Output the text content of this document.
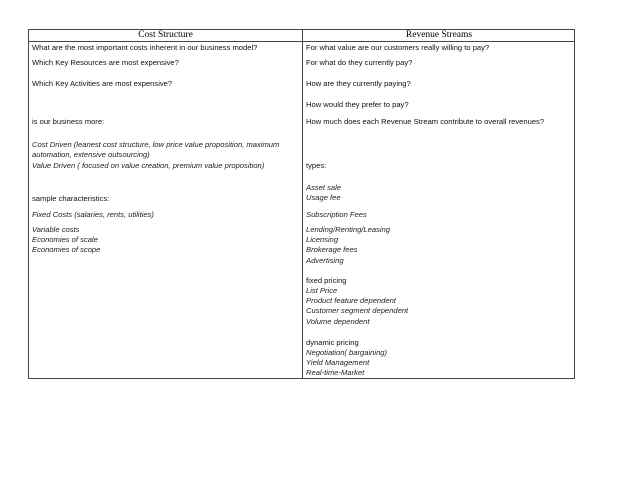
Cost Structure	Revenue Streams
What are the most important costs inherent in our business model?
Which Key Resources are most expensive?
Which Key Activities are most expensive?
is our business more:
Cost Driven (leanest cost structure, low price value proposition, maximum automation, extensive outsourcing)
Value Driven ( focused on value creation, premium value proposition)
sample characteristics:
Fixed Costs (salaries, rents, utilities)
Variable costs
Economies of scale
Economies of scope
For what value are our customers really willing to pay?
For what do they currently pay?
How are they currently paying?
How would they prefer to pay?
How much does each Revenue Stream contribute to overall revenues?
types:
Asset sale
Usage fee
Subscription Fees
Lending/Renting/Leasing
Licensing
Brokerage fees
Advertising
fixed pricing
List Price
Product feature dependent
Customer segment dependent
Volume dependent
dynamic pricing
Negotiation( bargaining)
Yield Management
Real-time-Market
